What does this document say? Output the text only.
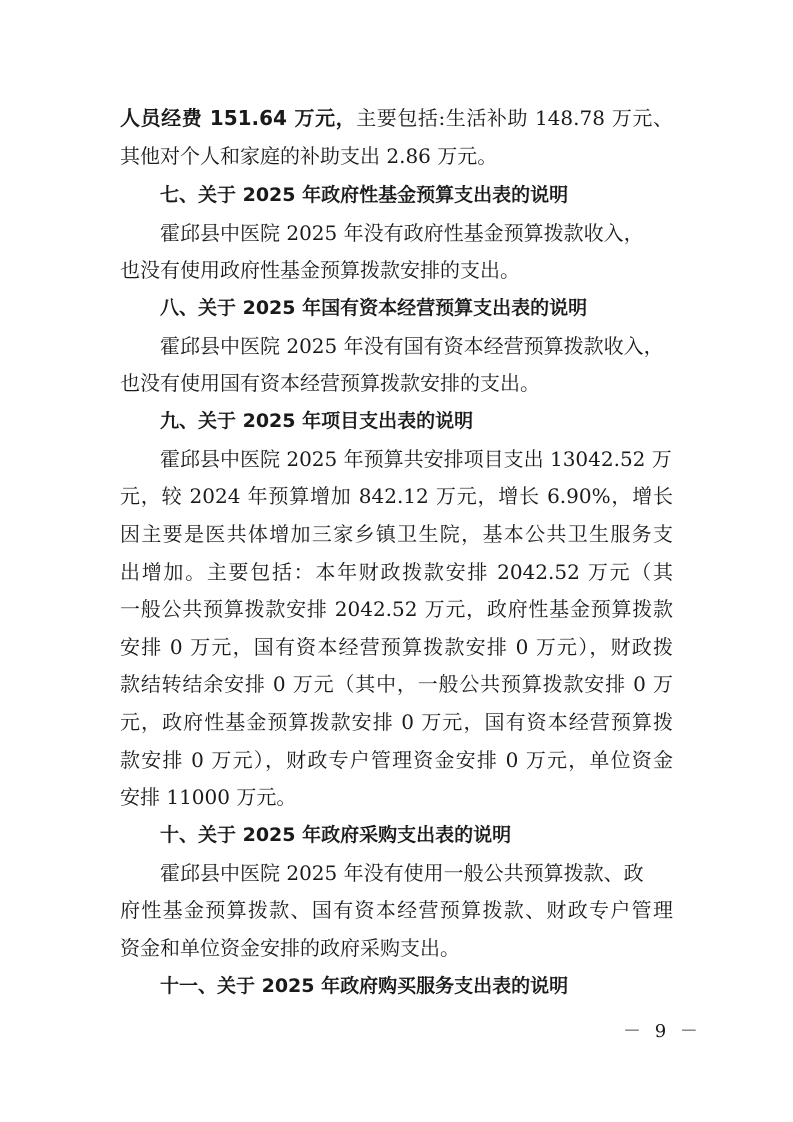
人员经费 151.64 万元，主要包括:生活补助 148.78 万元、
其他对个人和家庭的补助支出 2.86 万元。
七、关于 2025 年政府性基金预算支出表的说明
霍邱县中医院 2025 年没有政府性基金预算拨款收入，
也没有使用政府性基金预算拨款安排的支出。
八、关于 2025 年国有资本经营预算支出表的说明
霍邱县中医院 2025 年没有国有资本经营预算拨款收入，
也没有使用国有资本经营预算拨款安排的支出。
九、关于 2025 年项目支出表的说明
霍邱县中医院 2025 年预算共安排项目支出 13042.52 万
元，较 2024 年预算增加 842.12 万元，增长 6.90%，增长
因主要是医共体增加三家乡镇卫生院，基本公共卫生服务支
出增加。主要包括：本年财政拨款安排 2042.52 万元（其
一般公共预算拨款安排 2042.52 万元，政府性基金预算拨款
安排 0 万元，国有资本经营预算拨款安排 0 万元），财政拨
款结转结余安排 0 万元（其中，一般公共预算拨款安排 0 万
元，政府性基金预算拨款安排 0 万元，国有资本经营预算拨
款安排 0 万元），财政专户管理资金安排 0 万元，单位资金
安排 11000 万元。
十、关于 2025 年政府采购支出表的说明
霍邱县中医院 2025 年没有使用一般公共预算拨款、政
府性基金预算拨款、国有资本经营预算拨款、财政专户管理
资金和单位资金安排的政府采购支出。
十一、关于 2025 年政府购买服务支出表的说明
－ 9 －
